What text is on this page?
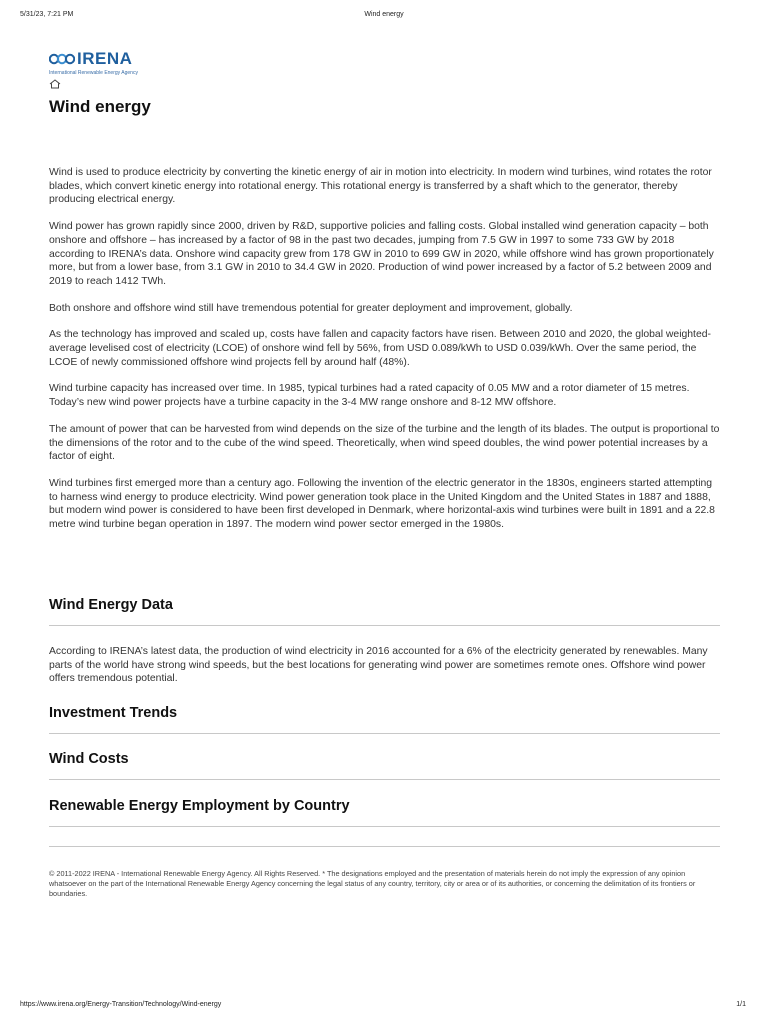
5/31/23, 7:21 PM	Wind energy
IRENA
International Renewable Energy Agency
Wind energy

Wind is used to produce electricity by converting the kinetic energy of air in motion into electricity. In modern wind turbines, wind rotates the rotor blades, which convert kinetic energy into rotational energy. This rotational energy is transferred by a shaft which to the generator, thereby producing electrical energy.

Wind power has grown rapidly since 2000, driven by R&D, supportive policies and falling costs. Global installed wind generation capacity – both onshore and offshore – has increased by a factor of 98 in the past two decades, jumping from 7.5 GW in 1997 to some 733 GW by 2018 according to IRENA’s data. Onshore wind capacity grew from 178 GW in 2010 to 699 GW in 2020, while offshore wind has grown proportionately more, but from a lower base, from 3.1 GW in 2010 to 34.4 GW in 2020. Production of wind power increased by a factor of 5.2 between 2009 and 2019 to reach 1412 TWh.

Both onshore and offshore wind still have tremendous potential for greater deployment and improvement, globally.

As the technology has improved and scaled up, costs have fallen and capacity factors have risen. Between 2010 and 2020, the global weighted-average levelised cost of electricity (LCOE) of onshore wind fell by 56%, from USD 0.089/kWh to USD 0.039/kWh. Over the same period, the LCOE of newly commissioned offshore wind projects fell by around half (48%).

Wind turbine capacity has increased over time. In 1985, typical turbines had a rated capacity of 0.05 MW and a rotor diameter of 15 metres. Today’s new wind power projects have a turbine capacity in the 3-4 MW range onshore and 8-12 MW offshore.

The amount of power that can be harvested from wind depends on the size of the turbine and the length of its blades. The output is proportional to the dimensions of the rotor and to the cube of the wind speed. Theoretically, when wind speed doubles, the wind power potential increases by a factor of eight.

Wind turbines first emerged more than a century ago. Following the invention of the electric generator in the 1830s, engineers started attempting to harness wind energy to produce electricity. Wind power generation took place in the United Kingdom and the United States in 1887 and 1888, but modern wind power is considered to have been first developed in Denmark, where horizontal-axis wind turbines were built in 1891 and a 22.8 metre wind turbine began operation in 1897. The modern wind power sector emerged in the 1980s.

Wind Energy Data

According to IRENA’s latest data, the production of wind electricity in 2016 accounted for a 6% of the electricity generated by renewables. Many parts of the world have strong wind speeds, but the best locations for generating wind power are sometimes remote ones. Offshore wind power offers tremendous potential.

Investment Trends
Wind Costs
Renewable Energy Employment by Country

© 2011-2022 IRENA - International Renewable Energy Agency. All Rights Reserved. * The designations employed and the presentation of materials herein do not imply the expression of any opinion whatsoever on the part of the International Renewable Energy Agency concerning the legal status of any country, territory, city or area or of its authorities, or concerning the delimitation of its frontiers or boundaries.

https://www.irena.org/Energy-Transition/Technology/Wind-energy	1/1
